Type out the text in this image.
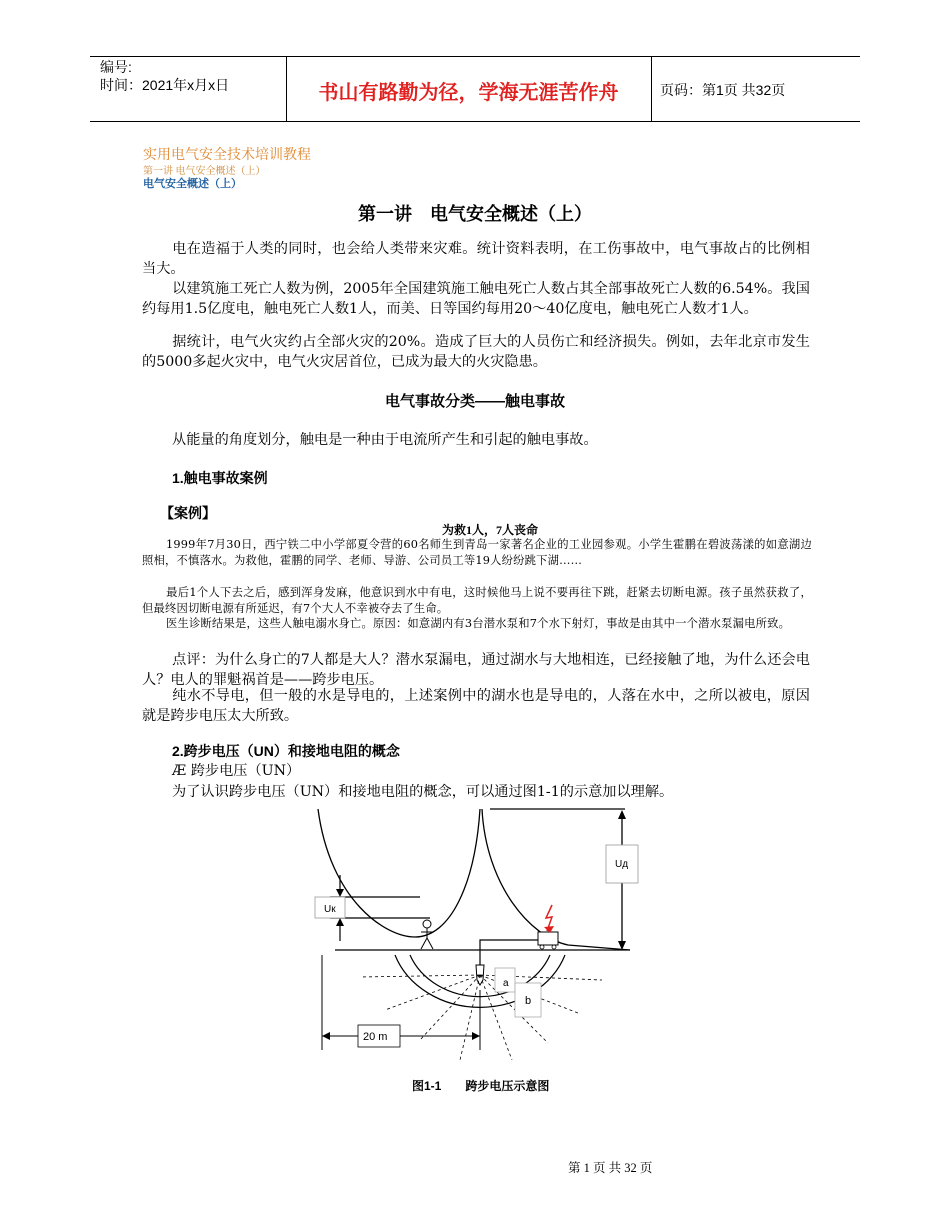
编号:
时间：2021年x月x日	书山有路勤为径，学海无涯苦作舟	页码：第1页 共32页
实用电气安全技术培训教程
第一讲 电气安全概述（上）
电气安全概述（上）
第一讲　电气安全概述（上）
电在造福于人类的同时，也会给人类带来灾难。统计资料表明，在工伤事故中，电气事故占的比例相当大。
以建筑施工死亡人数为例，2005年全国建筑施工触电死亡人数占其全部事故死亡人数的6.54%。我国约每用1.5亿度电，触电死亡人数1人，而美、日等国约每用20～40亿度电，触电死亡人数才1人。
据统计，电气火灾约占全部火灾的20%。造成了巨大的人员伤亡和经济损失。例如，去年北京市发生的5000多起火灾中，电气火灾居首位，已成为最大的火灾隐患。
电气事故分类——触电事故
从能量的角度划分，触电是一种由于电流所产生和引起的触电事故。
1.触电事故案例
【案例】
为救1人，7人丧命
1999年7月30日，西宁铁二中小学部夏令营的60名师生到青岛一家著名企业的工业园参观。小学生霍鹏在碧波荡漾的如意湖边照相，不慎落水。为救他，霍鹏的同学、老师、导游、公司员工等19人纷纷跳下湖……
最后1个人下去之后，感到浑身发麻，他意识到水中有电，这时候他马上说不要再往下跳，赶紧去切断电源。孩子虽然获救了，但最终因切断电源有所延迟，有7个大人不幸被夺去了生命。
医生诊断结果是，这些人触电溺水身亡。原因：如意湖内有3台潜水泵和7个水下射灯，事故是由其中一个潜水泵漏电所致。
点评：为什么身亡的7人都是大人？潜水泵漏电，通过湖水与大地相连，已经接触了地，为什么还会电人？电人的罪魁祸首是——跨步电压。
纯水不导电，但一般的水是导电的，上述案例中的湖水也是导电的，人落在水中，之所以被电，原因就是跨步电压太大所致。
2.跨步电压（UN）和接地电阻的概念
Æ 跨步电压（UN）
为了认识跨步电压（UN）和接地电阻的概念，可以通过图1-1的示意加以理解。
Uк
Uд
a
b
20 m
图1-1　　跨步电压示意图
第 1 页 共 32 页
